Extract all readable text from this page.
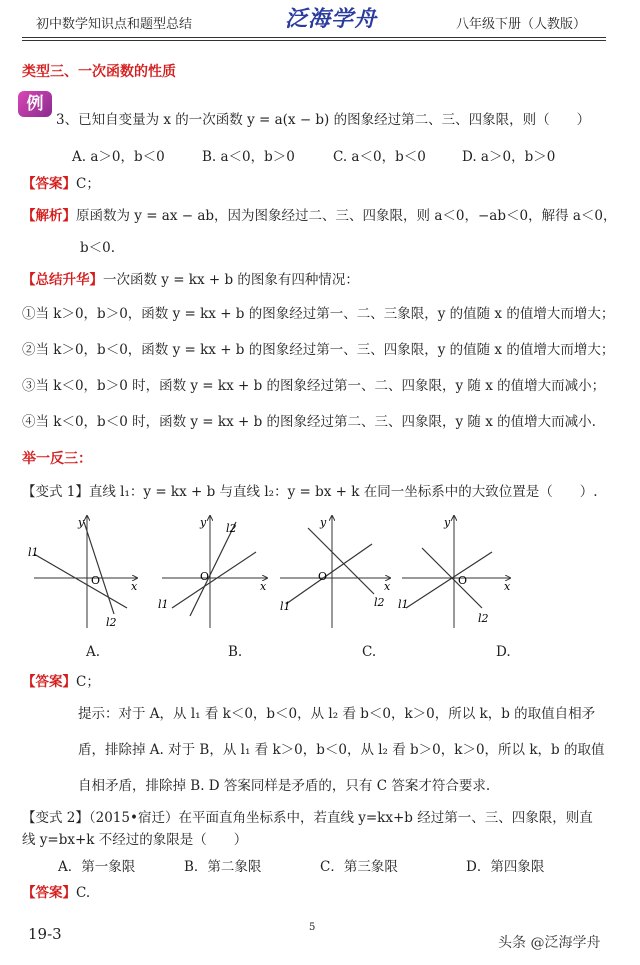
初中数学知识点和题型总结	泛海学舟	八年级下册（人教版）
类型三、一次函数的性质
例
3、已知自变量为 x 的一次函数 y = a(x − b) 的图象经过第二、三、四象限，则（　　）
A. a＞0，b＜0	B. a＜0，b＞0	C. a＜0，b＜0	D. a＞0，b＞0
【答案】C；
【解析】原函数为 y = ax − ab，因为图象经过二、三、四象限，则 a＜0，−ab＜0，解得 a＜0，
b＜0.
【总结升华】一次函数 y = kx + b 的图象有四种情况：
①当 k＞0，b＞0，函数 y = kx + b 的图象经过第一、二、三象限，y 的值随 x 的值增大而增大；
②当 k＞0，b＜0，函数 y = kx + b 的图象经过第一、三、四象限，y 的值随 x 的值增大而增大；
③当 k＜0，b＞0 时，函数 y = kx + b 的图象经过第一、二、四象限，y 随 x 的值增大而减小；
④当 k＜0，b＜0 时，函数 y = kx + b 的图象经过第二、三、四象限，y 随 x 的值增大而减小.
举一反三：
【变式 1】直线 l₁：y = kx + b 与直线 l₂：y = bx + k 在同一坐标系中的大致位置是（　　）.
y
x
O
l1
l2
y
x
O
l1
l2	y
x
O
l1	l2
y
x
O
l1
l2
A.	B.	C.	D.
【答案】C；
提示：对于 A，从 l₁ 看 k＜0，b＜0，从 l₂ 看 b＜0，k＞0，所以 k，b 的取值自相矛
盾，排除掉 A. 对于 B，从 l₁ 看 k＞0，b＜0，从 l₂ 看 b＞0，k＞0，所以 k，b 的取值
自相矛盾，排除掉 B. D 答案同样是矛盾的，只有 C 答案才符合要求.
【变式 2】（2015•宿迁）在平面直角坐标系中，若直线 y=kx+b 经过第一、三、四象限，则直
线 y=bx+k 不经过的象限是（　　）
A．第一象限	B．第二象限	C．第三象限	D．第四象限
【答案】C.
19-3	5
头条 @泛海学舟
